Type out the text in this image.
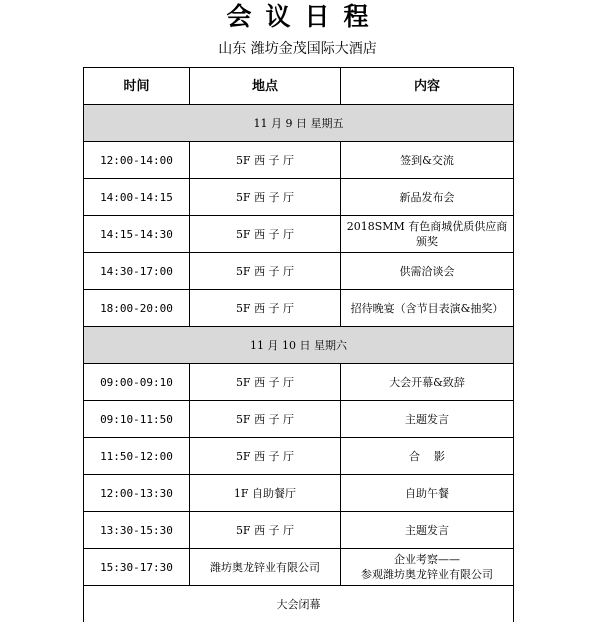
会议日程
山东 潍坊金茂国际大酒店
时间	地点	内容
11 月 9 日 星期五		
12:00-14:00	5F 西 子 厅	签到&交流
14:00-14:15	5F 西 子 厅	新品发布会
14:15-14:30	5F 西 子 厅	2018SMM 有色商城优质供应商颁奖
14:30-17:00	5F 西 子 厅	供需洽谈会
18:00-20:00	5F 西 子 厅	招待晚宴（含节目表演&抽奖）
11 月 10 日 星期六		
09:00-09:10	5F 西 子 厅	大会开幕&致辞
09:10-11:50	5F 西 子 厅	主题发言
11:50-12:00	5F 西 子 厅	合    影
12:00-13:30	1F 自助餐厅	自助午餐
13:30-15:30	5F 西 子 厅	主题发言
15:30-17:30	潍坊奥龙锌业有限公司	企业考察——
参观潍坊奥龙锌业有限公司

大会闭幕		
